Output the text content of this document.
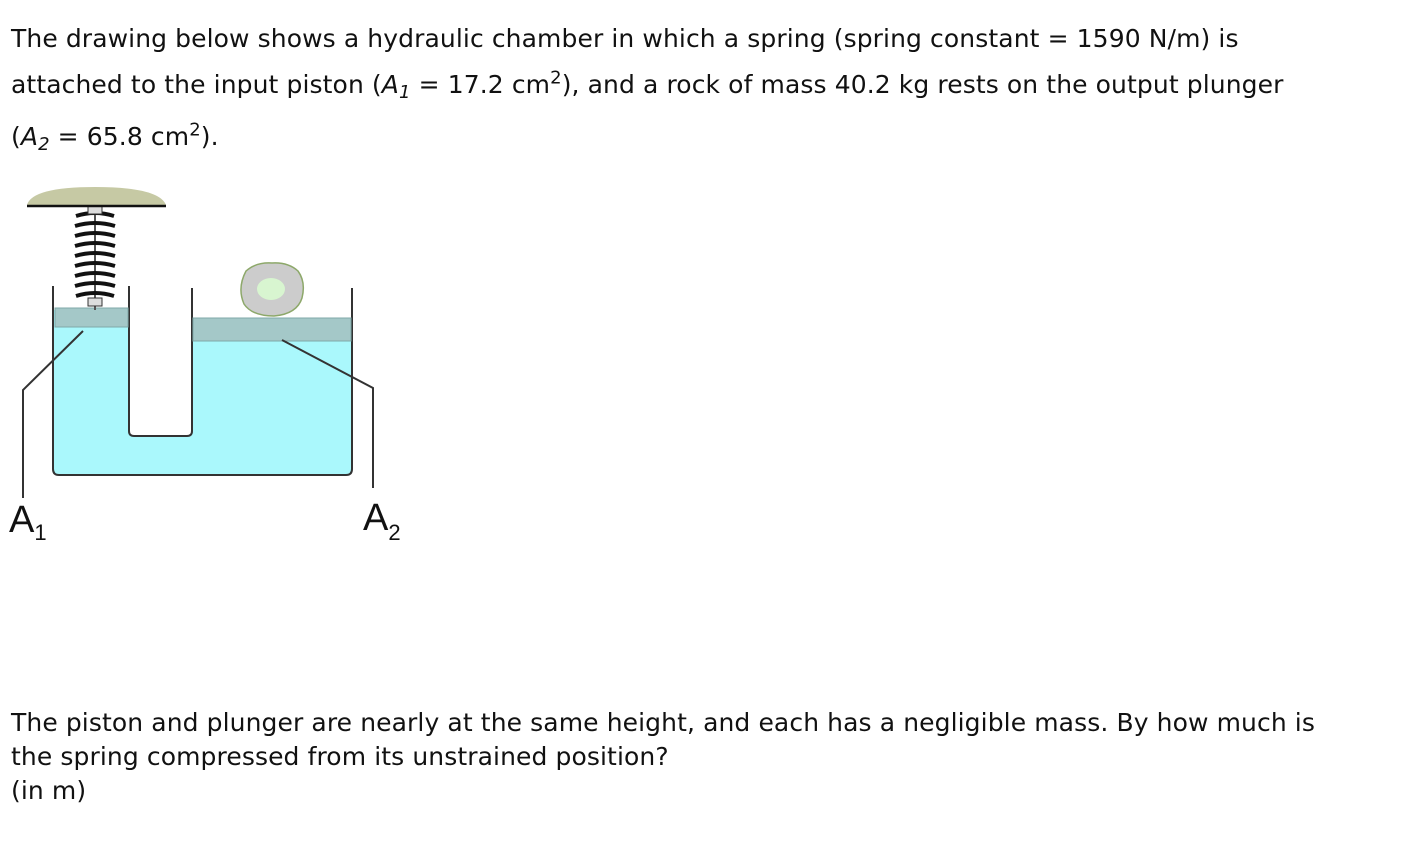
The drawing below shows a hydraulic chamber in which a spring (spring constant = 1590 N/m) is
attached to the input piston ($A_1 = 17.2$ $cm^2$), and a rock of mass 40.2 kg rests on the output plunger
($A_2 = 65.8$ $cm^2$).
$A_1$	$A_2$
The piston and plunger are nearly at the same height, and each has a negligible mass. By how much is
the spring compressed from its unstrained position?
(in m)
